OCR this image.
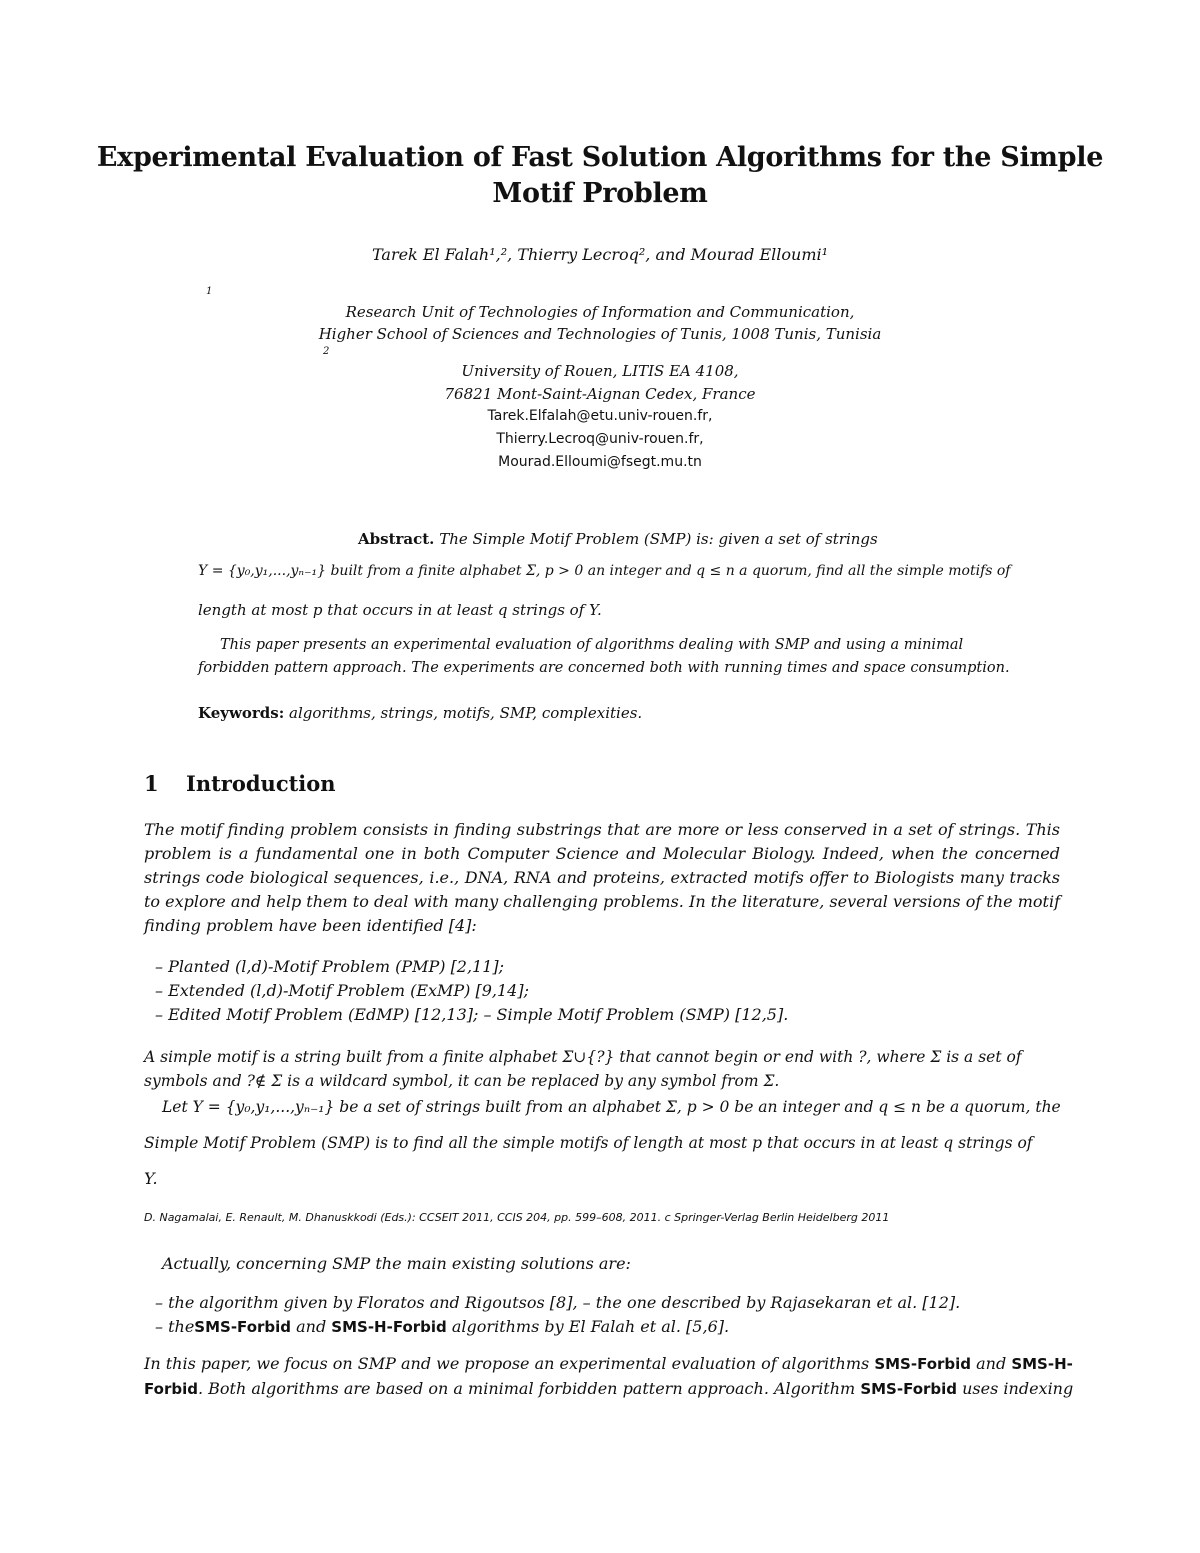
Experimental Evaluation of Fast Solution Algorithms for the Simple
Motif Problem
Tarek El Falah¹,², Thierry Lecroq², and Mourad Elloumi¹
1
Research Unit of Technologies of Information and Communication,
Higher School of Sciences and Technologies of Tunis, 1008 Tunis, Tunisia
2
University of Rouen, LITIS EA 4108,
76821 Mont-Saint-Aignan Cedex, France
Tarek.Elfalah@etu.univ-rouen.fr,
Thierry.Lecroq@univ-rouen.fr,
Mourad.Elloumi@fsegt.mu.tn
Abstract. The Simple Motif Problem (SMP) is: given a set of strings
Y = {y₀,y₁,...,yₙ₋₁} built from a finite alphabet Σ, p > 0 an integer and q ≤ n a quorum, find all the simple motifs of
length at most p that occurs in at least q strings of Y.
This paper presents an experimental evaluation of algorithms dealing with SMP and using a minimal
forbidden pattern approach. The experiments are concerned both with running times and space consumption.
Keywords: algorithms, strings, motifs, SMP, complexities.
1 Introduction
The motif finding problem consists in finding substrings that are more or less conserved in a set of strings. This problem is a fundamental one in both Computer Science and Molecular Biology. Indeed, when the concerned strings code biological sequences, i.e., DNA, RNA and proteins, extracted motifs offer to Biologists many tracks to explore and help them to deal with many challenging problems. In the literature, several versions of the motif finding problem have been identified [4]:
– Planted (l,d)-Motif Problem (PMP) [2,11];
– Extended (l,d)-Motif Problem (ExMP) [9,14];
– Edited Motif Problem (EdMP) [12,13]; – Simple Motif Problem (SMP) [12,5].
A simple motif is a string built from a finite alphabet Σ∪{?} that cannot begin or end with ?, where Σ is a set of
symbols and ?∉ Σ is a wildcard symbol, it can be replaced by any symbol from Σ.
Let Y = {y₀,y₁,...,yₙ₋₁} be a set of strings built from an alphabet Σ, p > 0 be an integer and q ≤ n be a quorum, the
Simple Motif Problem (SMP) is to find all the simple motifs of length at most p that occurs in at least q strings of
Y.
D. Nagamalai, E. Renault, M. Dhanuskkodi (Eds.): CCSEIT 2011, CCIS 204, pp. 599–608, 2011. c Springer-Verlag Berlin Heidelberg 2011
Actually, concerning SMP the main existing solutions are:
– the algorithm given by Floratos and Rigoutsos [8], – the one described by Rajasekaran et al. [12].
– theSMS-Forbid and SMS-H-Forbid algorithms by El Falah et al. [5,6].
In this paper, we focus on SMP and we propose an experimental evaluation of algorithms SMS-Forbid and SMS-H-
Forbid. Both algorithms are based on a minimal forbidden pattern approach. Algorithm SMS-Forbid uses indexing
